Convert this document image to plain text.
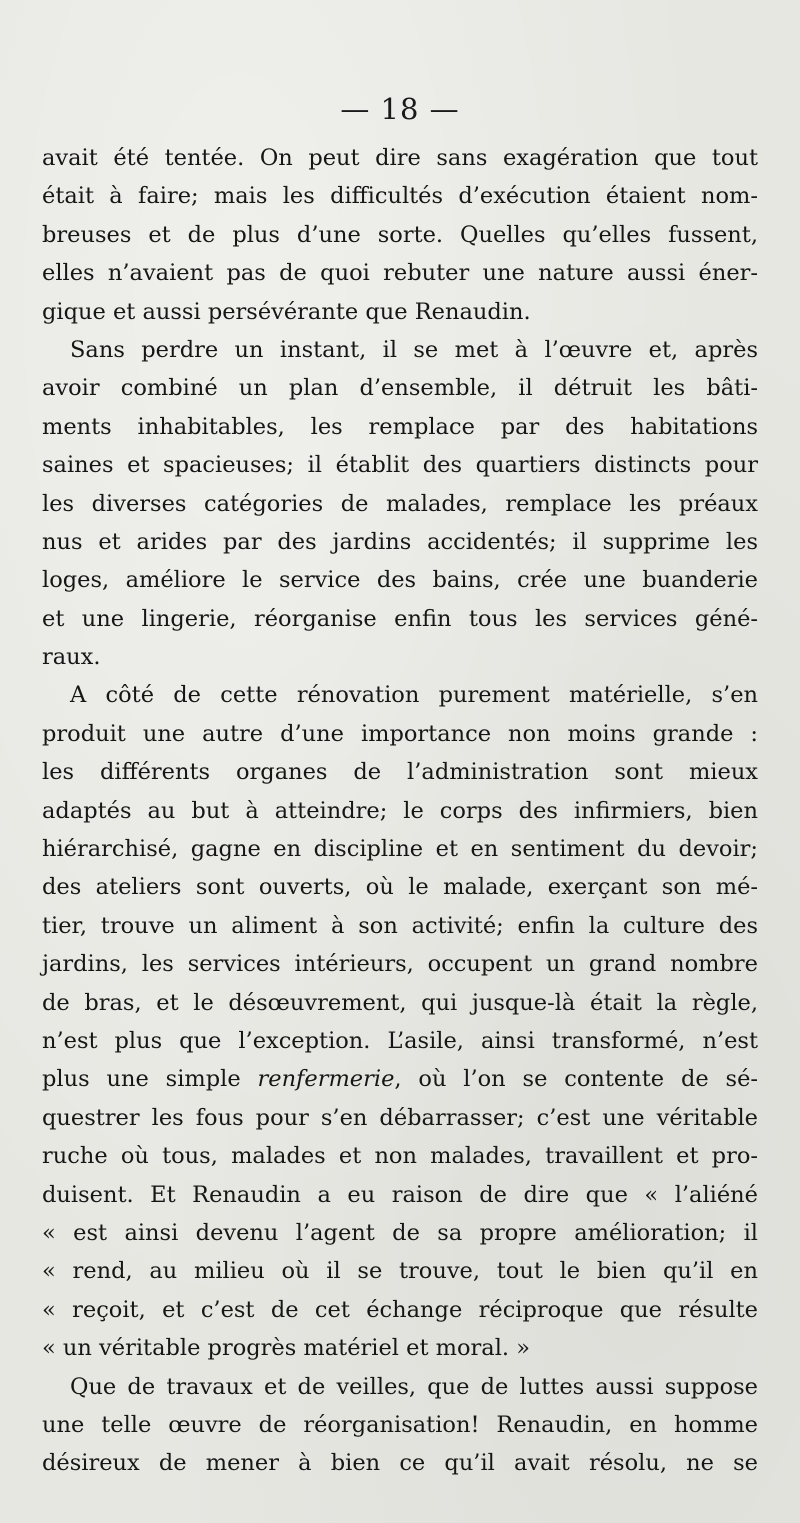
— 18 —
avait été tentée. On peut dire sans exagération que tout
était à faire; mais les difficultés d’exécution étaient nom-
breuses et de plus d’une sorte. Quelles qu’elles fussent,
elles n’avaient pas de quoi rebuter une nature aussi éner-
gique et aussi persévérante que Renaudin.
Sans perdre un instant, il se met à l’œuvre et, après
avoir combiné un plan d’ensemble, il détruit les bâti-
ments inhabitables, les remplace par des habitations
saines et spacieuses; il établit des quartiers distincts pour
les diverses catégories de malades, remplace les préaux
nus et arides par des jardins accidentés; il supprime les
loges, améliore le service des bains, crée une buanderie
et une lingerie, réorganise enfin tous les services géné-
raux.
A côté de cette rénovation purement matérielle, s’en
produit une autre d’une importance non moins grande :
les différents organes de l’administration sont mieux
adaptés au but à atteindre; le corps des infirmiers, bien
hiérarchisé, gagne en discipline et en sentiment du devoir;
des ateliers sont ouverts, où le malade, exerçant son mé-
tier, trouve un aliment à son activité; enfin la culture des
jardins, les services intérieurs, occupent un grand nombre
de bras, et le désœuvrement, qui jusque-là était la règle,
n’est plus que l’exception. L’asile, ainsi transformé, n’est
plus une simple renfermerie, où l’on se contente de sé-
questrer les fous pour s’en débarrasser; c’est une véritable
ruche où tous, malades et non malades, travaillent et pro-
duisent. Et Renaudin a eu raison de dire que « l’aliéné
« est ainsi devenu l’agent de sa propre amélioration; il
« rend, au milieu où il se trouve, tout le bien qu’il en
« reçoit, et c’est de cet échange réciproque que résulte
« un véritable progrès matériel et moral. »
Que de travaux et de veilles, que de luttes aussi suppose
une telle œuvre de réorganisation! Renaudin, en homme
désireux de mener à bien ce qu’il avait résolu, ne se
